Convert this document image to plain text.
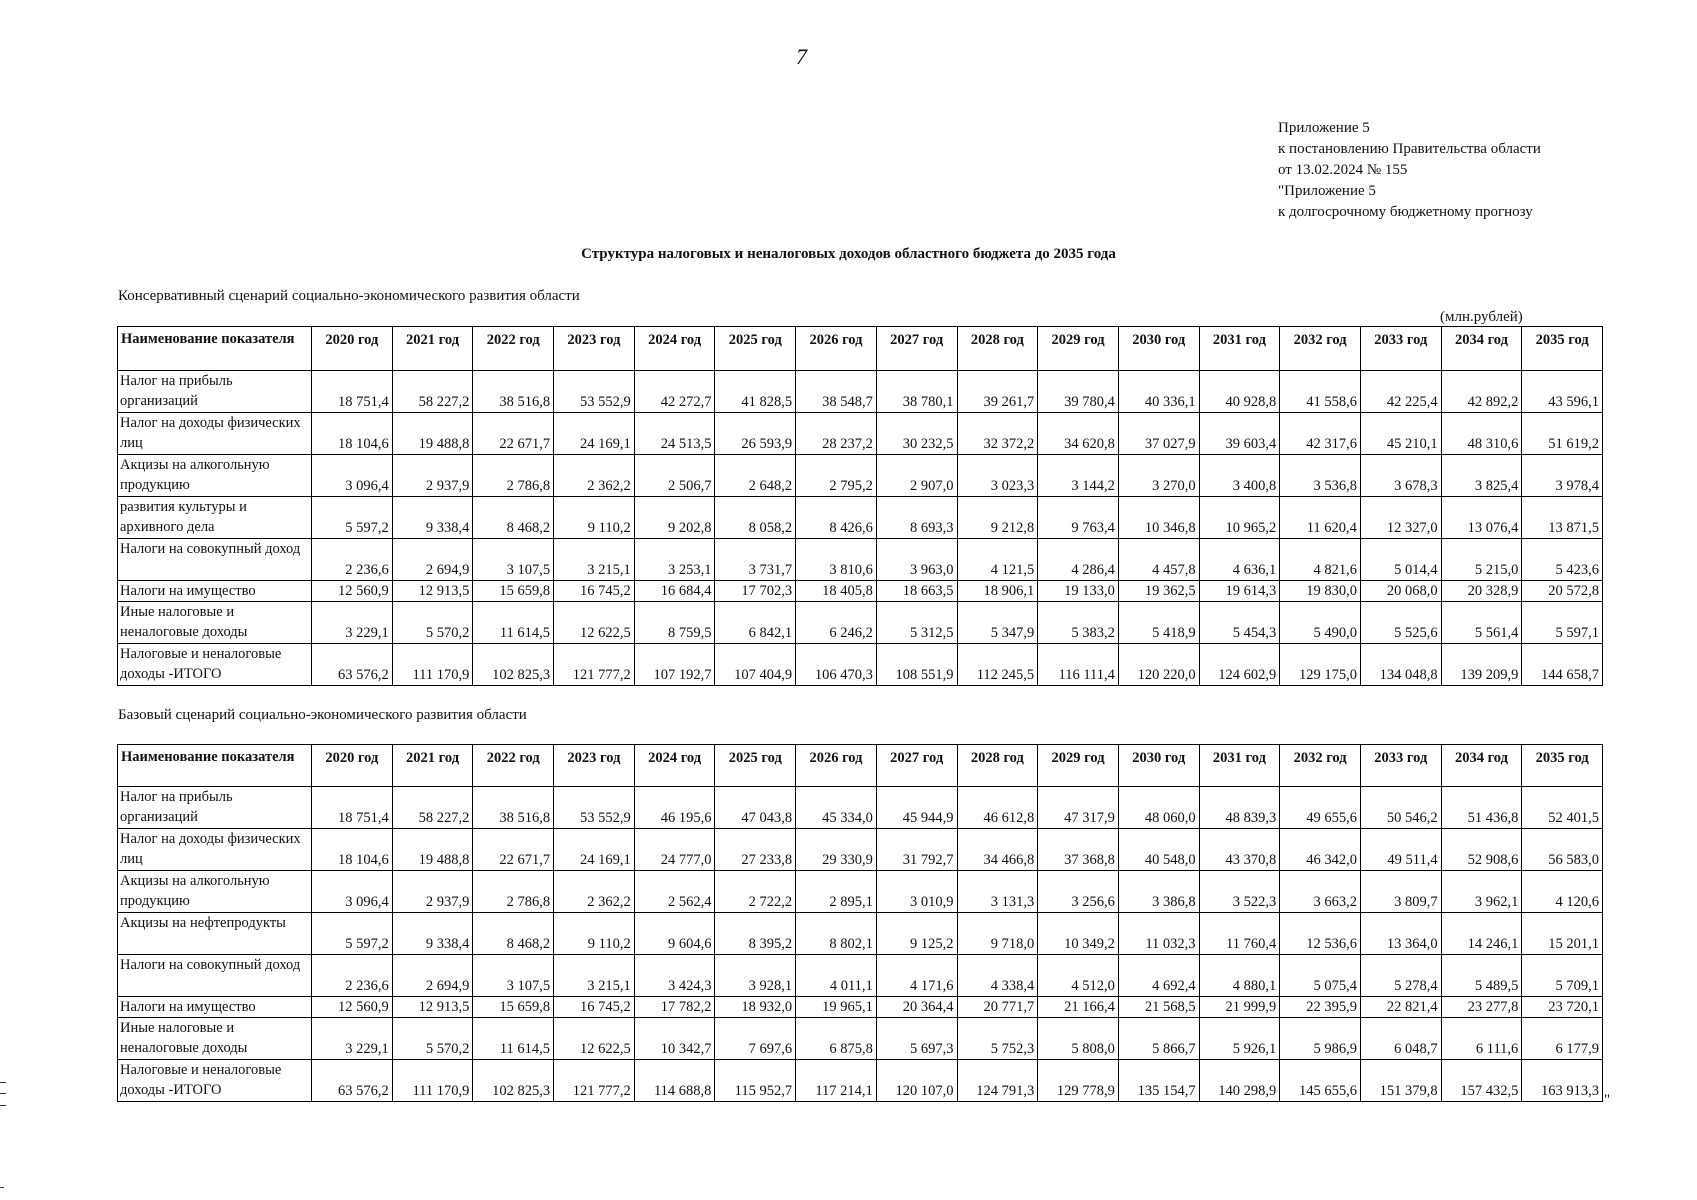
7
Приложение 5
к постановлению Правительства области
от 13.02.2024 № 155
"Приложение 5
к долгосрочному бюджетному прогнозу
Структура налоговых и неналоговых доходов областного бюджета до 2035 года
Консервативный сценарий социально-экономического развития области
(млн.рублей)
Наименование показателя	2020 год	2021 год	2022 год	2023 год	2024 год	2025 год	2026 год	2027 год	2028 год	2029 год	2030 год	2031 год	2032 год	2033 год	2034 год	2035 год
Налог на прибыль организаций	18 751,4	58 227,2	38 516,8	53 552,9	42 272,7	41 828,5	38 548,7	38 780,1	39 261,7	39 780,4	40 336,1	40 928,8	41 558,6	42 225,4	42 892,2	43 596,1
Налог на доходы физических лиц	18 104,6	19 488,8	22 671,7	24 169,1	24 513,5	26 593,9	28 237,2	30 232,5	32 372,2	34 620,8	37 027,9	39 603,4	42 317,6	45 210,1	48 310,6	51 619,2
Акцизы на алкогольную продукцию	3 096,4	2 937,9	2 786,8	2 362,2	2 506,7	2 648,2	2 795,2	2 907,0	3 023,3	3 144,2	3 270,0	3 400,8	3 536,8	3 678,3	3 825,4	3 978,4
развития культуры и архивного дела	5 597,2	9 338,4	8 468,2	9 110,2	9 202,8	8 058,2	8 426,6	8 693,3	9 212,8	9 763,4	10 346,8	10 965,2	11 620,4	12 327,0	13 076,4	13 871,5
Налоги на совокупный доход	2 236,6	2 694,9	3 107,5	3 215,1	3 253,1	3 731,7	3 810,6	3 963,0	4 121,5	4 286,4	4 457,8	4 636,1	4 821,6	5 014,4	5 215,0	5 423,6
Налоги на имущество	12 560,9	12 913,5	15 659,8	16 745,2	16 684,4	17 702,3	18 405,8	18 663,5	18 906,1	19 133,0	19 362,5	19 614,3	19 830,0	20 068,0	20 328,9	20 572,8
Иные налоговые и неналоговые доходы	3 229,1	5 570,2	11 614,5	12 622,5	8 759,5	6 842,1	6 246,2	5 312,5	5 347,9	5 383,2	5 418,9	5 454,3	5 490,0	5 525,6	5 561,4	5 597,1
Налоговые и неналоговые доходы -ИТОГО	63 576,2	111 170,9	102 825,3	121 777,2	107 192,7	107 404,9	106 470,3	108 551,9	112 245,5	116 111,4	120 220,0	124 602,9	129 175,0	134 048,8	139 209,9	144 658,7
Базовый сценарий социально-экономического развития области
Наименование показателя	2020 год	2021 год	2022 год	2023 год	2024 год	2025 год	2026 год	2027 год	2028 год	2029 год	2030 год	2031 год	2032 год	2033 год	2034 год	2035 год
Налог на прибыль организаций	18 751,4	58 227,2	38 516,8	53 552,9	46 195,6	47 043,8	45 334,0	45 944,9	46 612,8	47 317,9	48 060,0	48 839,3	49 655,6	50 546,2	51 436,8	52 401,5
Налог на доходы физических лиц	18 104,6	19 488,8	22 671,7	24 169,1	24 777,0	27 233,8	29 330,9	31 792,7	34 466,8	37 368,8	40 548,0	43 370,8	46 342,0	49 511,4	52 908,6	56 583,0
Акцизы на алкогольную продукцию	3 096,4	2 937,9	2 786,8	2 362,2	2 562,4	2 722,2	2 895,1	3 010,9	3 131,3	3 256,6	3 386,8	3 522,3	3 663,2	3 809,7	3 962,1	4 120,6
Акцизы на нефтепродукты	5 597,2	9 338,4	8 468,2	9 110,2	9 604,6	8 395,2	8 802,1	9 125,2	9 718,0	10 349,2	11 032,3	11 760,4	12 536,6	13 364,0	14 246,1	15 201,1
Налоги на совокупный доход	2 236,6	2 694,9	3 107,5	3 215,1	3 424,3	3 928,1	4 011,1	4 171,6	4 338,4	4 512,0	4 692,4	4 880,1	5 075,4	5 278,4	5 489,5	5 709,1
Налоги на имущество	12 560,9	12 913,5	15 659,8	16 745,2	17 782,2	18 932,0	19 965,1	20 364,4	20 771,7	21 166,4	21 568,5	21 999,9	22 395,9	22 821,4	23 277,8	23 720,1
Иные налоговые и неналоговые доходы	3 229,1	5 570,2	11 614,5	12 622,5	10 342,7	7 697,6	6 875,8	5 697,3	5 752,3	5 808,0	5 866,7	5 926,1	5 986,9	6 048,7	6 111,6	6 177,9
Налоговые и неналоговые доходы -ИТОГО	63 576,2	111 170,9	102 825,3	121 777,2	114 688,8	115 952,7	117 214,1	120 107,0	124 791,3	129 778,9	135 154,7	140 298,9	145 655,6	151 379,8	157 432,5	163 913,3
"
